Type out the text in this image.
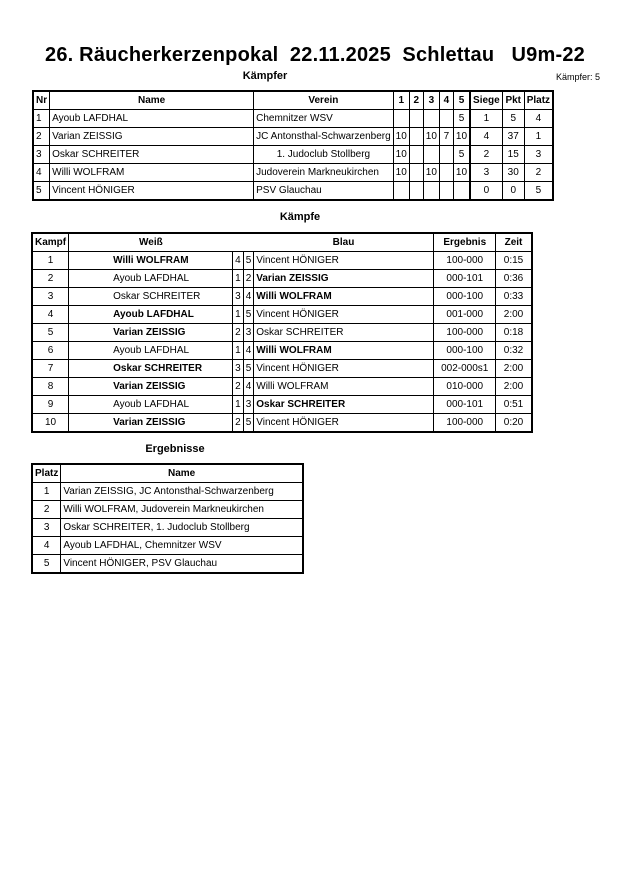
26. Räucherkerzenpokal  22.11.2025  Schlettau   U9m-22
Kämpfer	Kämpfer: 5
Nr	Name	Verein	1	2	3	4	5	Siege	Pkt	Platz
1	Ayoub LAFDHAL	Chemnitzer WSV					5	1	5	4
2	Varian ZEISSIG	JC Antonsthal-Schwarzenberg	10		10	7	10	4	37	1
3	Oskar SCHREITER	1. Judoclub Stollberg	10				5	2	15	3
4	Willi WOLFRAM	Judoverein Markneukirchen	10		10		10	3	30	2
5	Vincent HÖNIGER	PSV Glauchau						0	0	5
Kämpfe
Kampf	Weiß			Blau	Ergebnis	Zeit
1	Willi WOLFRAM	4	5	Vincent HÖNIGER	100-000	0:15
2	Ayoub LAFDHAL	1	2	Varian ZEISSIG	000-101	0:36
3	Oskar SCHREITER	3	4	Willi WOLFRAM	000-100	0:33
4	Ayoub LAFDHAL	1	5	Vincent HÖNIGER	001-000	2:00
5	Varian ZEISSIG	2	3	Oskar SCHREITER	100-000	0:18
6	Ayoub LAFDHAL	1	4	Willi WOLFRAM	000-100	0:32
7	Oskar SCHREITER	3	5	Vincent HÖNIGER	002-000s1	2:00
8	Varian ZEISSIG	2	4	Willi WOLFRAM	010-000	2:00
9	Ayoub LAFDHAL	1	3	Oskar SCHREITER	000-101	0:51
10	Varian ZEISSIG	2	5	Vincent HÖNIGER	100-000	0:20
Ergebnisse
Platz	Name
1	Varian ZEISSIG, JC Antonsthal-Schwarzenberg
2	Willi WOLFRAM, Judoverein Markneukirchen
3	Oskar SCHREITER, 1. Judoclub Stollberg
4	Ayoub LAFDHAL, Chemnitzer WSV
5	Vincent HÖNIGER, PSV Glauchau
